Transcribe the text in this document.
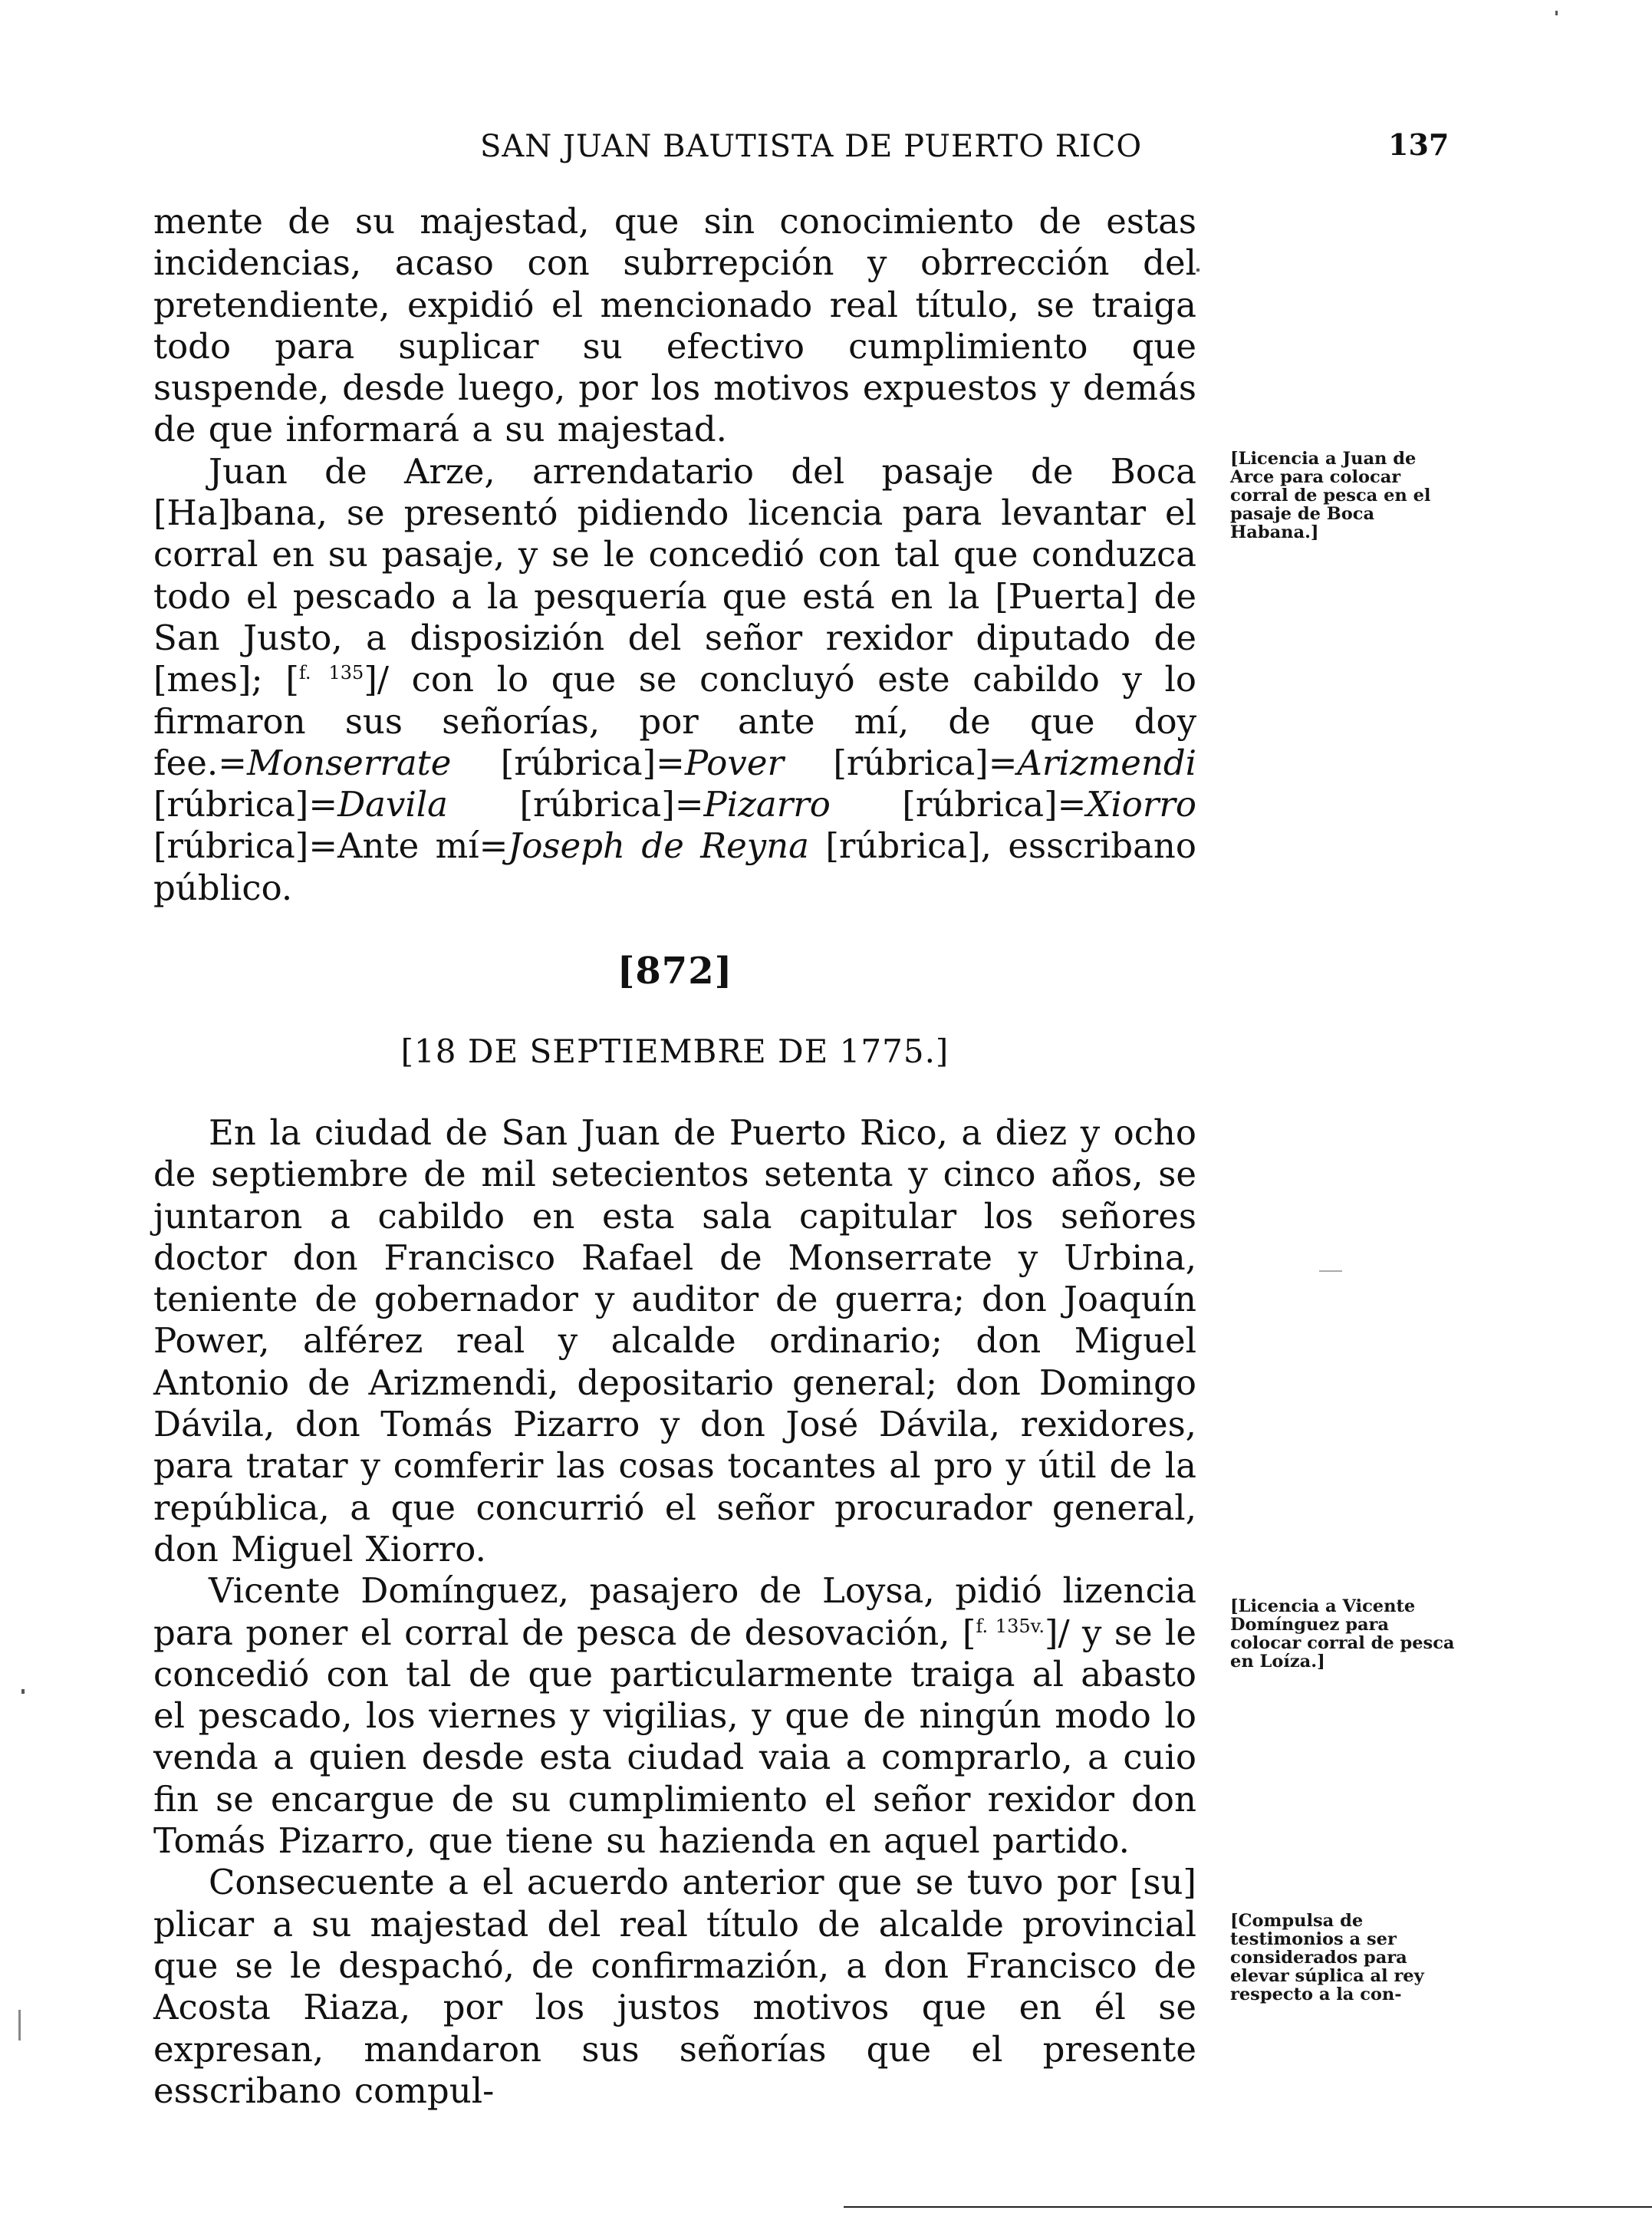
SAN JUAN BAUTISTA DE PUERTO RICO	137

mente de su majestad, que sin conocimiento de estas incidencias, acaso con subrrepción y obrrección del pretendiente, expidió el mencionado real título, se traiga todo para suplicar su efectivo cumplimiento que suspende, desde luego, por los motivos expuestos y demás de que informará a su majestad.

Juan de Arze, arrendatario del pasaje de Boca [Ha]bana, se presentó pidiendo licencia para levantar el corral en su pasaje, y se le concedió con tal que conduzca todo el pescado a la pesquería que está en la [Puerta] de San Justo, a disposizión del señor rexidor diputado de [mes]; [$^{f. 135}$]/ con lo que se concluyó este cabildo y lo firmaron sus señorías, por ante mí, de que doy fee.=Monserrate [rúbrica]=Pover [rúbrica]=Arizmendi [rúbrica]=Davila [rúbrica]=Pizarro [rúbrica]=Xiorro [rúbrica]=Ante mí=Joseph de Reyna [rúbrica], esscribano público.

[Licencia a Juan de Arce para colocar corral de pesca en el pasaje de Boca Habana.]
[872]
[18 DE SEPTIEMBRE DE 1775.]

En la ciudad de San Juan de Puerto Rico, a diez y ocho de septiembre de mil setecientos setenta y cinco años, se juntaron a cabildo en esta sala capitular los señores doctor don Francisco Rafael de Monserrate y Urbina, teniente de gobernador y auditor de guerra; don Joaquín Power, alférez real y alcalde ordinario; don Miguel Antonio de Arizmendi, depositario general; don Domingo Dávila, don Tomás Pizarro y don José Dávila, rexidores, para tratar y comferir las cosas tocantes al pro y útil de la república, a que concurrió el señor procurador general, don Miguel Xiorro.

Vicente Domínguez, pasajero de Loysa, pidió lizencia para poner el corral de pesca de desovación, [$^{f. 135v.}$]/ y se le concedió con tal de que particularmente traiga al abasto el pescado, los viernes y vigilias, y que de ningún modo lo venda a quien desde esta ciudad vaia a comprarlo, a cuio fin se encargue de su cumplimiento el señor rexidor don Tomás Pizarro, que tiene su hazienda en aquel partido.

Consecuente a el acuerdo anterior que se tuvo por [su] plicar a su majestad del real título de alcalde provincial que se le despachó, de confirmazión, a don Francisco de Acosta Riaza, por los justos motivos que en él se expresan, mandaron sus señorías que el presente esscribano compul-

[Licencia a Vicente Domínguez para colocar corral de pesca en Loíza.]
[Compulsa de testimonios a ser considerados para elevar súplica al rey respecto a la con-
